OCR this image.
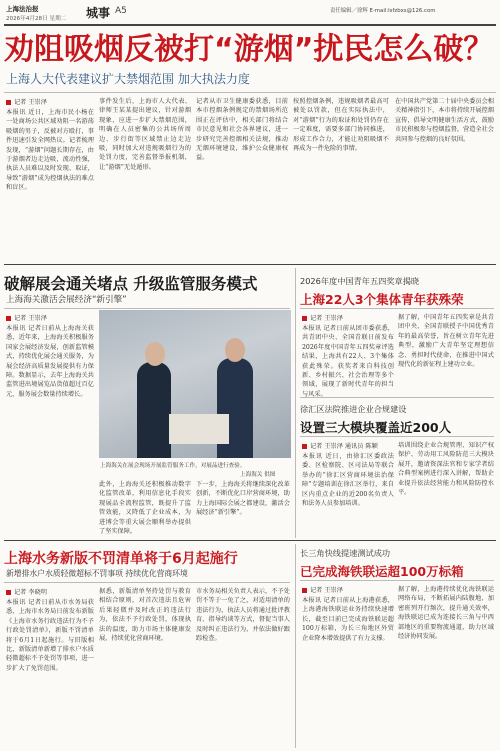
上海法治报
2026年4月28日 星期二 城事 A5	责任编辑／徐辉 E-mail:lsfzbxs@126.com
劝阻吸烟反被打“游烟”扰民怎么破？
上海人大代表建议扩大禁烟范围 加大执法力度
记者 王崇泽
本报讯 近日，上海市民小杨在一处商场公共区域劝阻一名游荡吸烟的男子，反被对方殴打，事件迅速引发全网热议。记者梳理发现，“游烟”问题长期存在，由于游烟者边走边吸，流动性强，执法人员难以及时发现、取证，导致“游烟”成为控烟执法的难点和盲区。
事件发生后，上海市人大代表、律师王某某提出建议，针对游烟现象，应进一步扩大禁烟范围，明确在人员密集的公共场所周边、步行街等区域禁止边走边吸，同时加大对违规吸烟行为的处罚力度，完善监督举报机制，让“游烟”无处遁形。
记者从市卫生健康委获悉，目前本市控烟条例规定的禁烟场所范围正在评估中，相关部门将结合市民意见和社会各界建议，进一步研究完善控烟相关法规，推动无烟环境建设，维护公众健康权益。
按照控烟条例，违规吸烟者最高可被处以罚款，但在实际执法中，对“游烟”行为的取证和处罚仍存在一定难度，需要多部门协同推进，形成工作合力，才能让劝阻吸烟不再成为一件危险的事情。
在中国共产党第二十届中央委员会相关精神指引下，本市将持续开展控烟宣传，倡导文明健康生活方式，鼓励市民积极参与控烟监督，营造全社会共同参与控烟的良好氛围。
破解展会通关堵点 升级监管服务模式
上海海关激活会展经济“新引擎”
记者 王崇泽
本报讯 记者日前从上海海关获悉，近年来，上海海关积极服务国家会展经济发展，创新监管模式，持续优化展会通关服务，为展会经济高质量发展提供有力保障。数据显示，去年上海海关共监管进出境展览品货值超过百亿元，服务展会数量持续增长。
上海海关在展会现场开展监管服务工作，对展品进行查验。
上海海关 供图
此外，上海海关还积极推动数字化监管改革，利用信息化手段实现展品全流程监管，既提升了监管效能，又降低了企业成本，为进博会等重大展会顺利举办提供了坚实保障。
下一步，上海海关将继续深化改革创新，不断优化口岸营商环境，助力上海国际会展之都建设，激活会展经济“新引擎”。
2026年度中国青年五四奖章揭晓
上海22人3个集体青年获殊荣
记者 王崇泽
本报讯 记者日前从团市委获悉，共青团中央、全国青联日前发布2026年度中国青年五四奖章评选结果，上海共有22人、3个集体获此殊荣。获奖者来自科技创新、乡村振兴、社会治理等多个领域，展现了新时代青年的担当与风采。
据了解，中国青年五四奖章是共青团中央、全国青联授予中国优秀青年的最高荣誉，旨在树立青年先进典型，激励广大青年坚定理想信念、勇担时代使命，在推进中国式现代化的新征程上建功立业。
徐汇区法院推进企业合规建设
设置三大模块覆盖近200人
记者 王崇泽 通讯员 陈颖
本报讯 近日，由徐汇区委政法委、区检察院、区司法局等联合举办的“徐汇区营商环境法治保障”专题培训在徐汇区举行，来自区内重点企业的近200名负责人和法务人员参加培训。
培训围绕企业合规管理、知识产权保护、劳动用工风险防范三大模块展开，邀请资深法官和专家学者结合典型案例进行深入讲解，帮助企业提升依法经营能力和风险防控水平。
上海水务新版不罚清单将于6月起施行
新增排水户水质轻微超标不罚事项 持续优化营商环境
记者 李晓明
本报讯 记者日前从市水务局获悉，上海市水务局日前发布新版《上海市水务行政违法行为不予行政处罚清单》，新版不罚清单将于6月1日起施行。与旧版相比，新版清单新增了排水户水质轻微超标不予处罚等事项，进一步扩大了免罚范围。
据悉，新版清单坚持处罚与教育相结合原则，对首次违法且危害后果轻微并及时改正的违法行为，依法不予行政处罚，体现执法的温度，助力市场主体健康发展，持续优化营商环境。
市水务局相关负责人表示，不予处罚不等于一免了之，对适用清单的违法行为，执法人员将通过批评教育、指导约谈等方式，督促当事人及时纠正违法行为，并依法做好跟踪检查。
长三角快线提速测试成功
已完成海铁联运超100万标箱
记者 王崇泽
本报讯 记者日前从上海港获悉，上海港海铁联运业务持续快速增长，截至目前已完成海铁联运超100万标箱，为长三角地区外贸企业降本增效提供了有力支撑。
据了解，上海港持续优化海铁联运网络布局，不断拓展内陆腹地，加密班列开行频次，提升通关效率，海铁联运已成为连接长三角与中西部地区的重要物流通道，助力区域经济协同发展。
